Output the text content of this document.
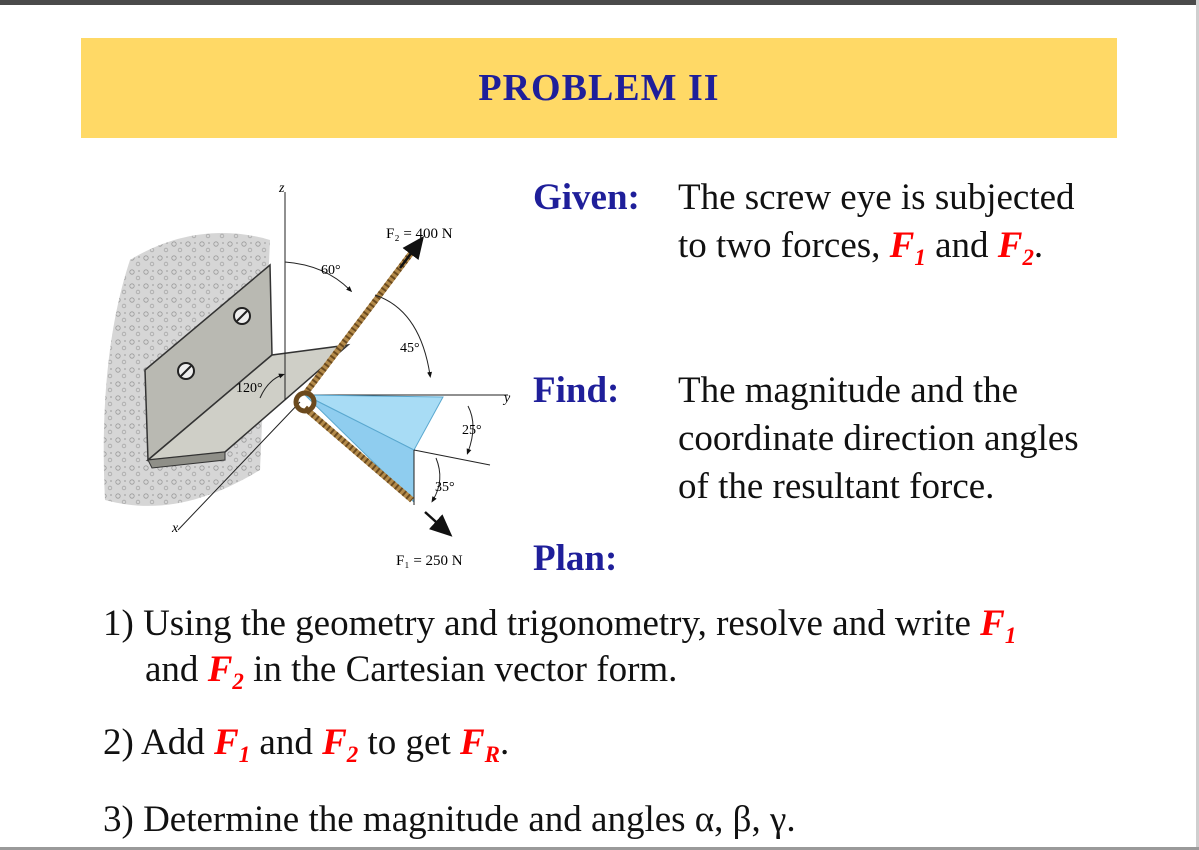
PROBLEM II
z
y
x
F₂ = 400 N
F₁ = 250 N
60°
45°
120°
25°
35°
Given: The screw eye is subjected
to two forces, $F_1$ and $F_2$.
Find: The magnitude and the
coordinate direction angles
of the resultant force.
Plan:
1) Using the geometry and trigonometry, resolve and write $F_1$
and $F_2$ in the Cartesian vector form.
2) Add $F_1$ and $F_2$ to get $F_R$.
3) Determine the magnitude and angles α, β, γ.
